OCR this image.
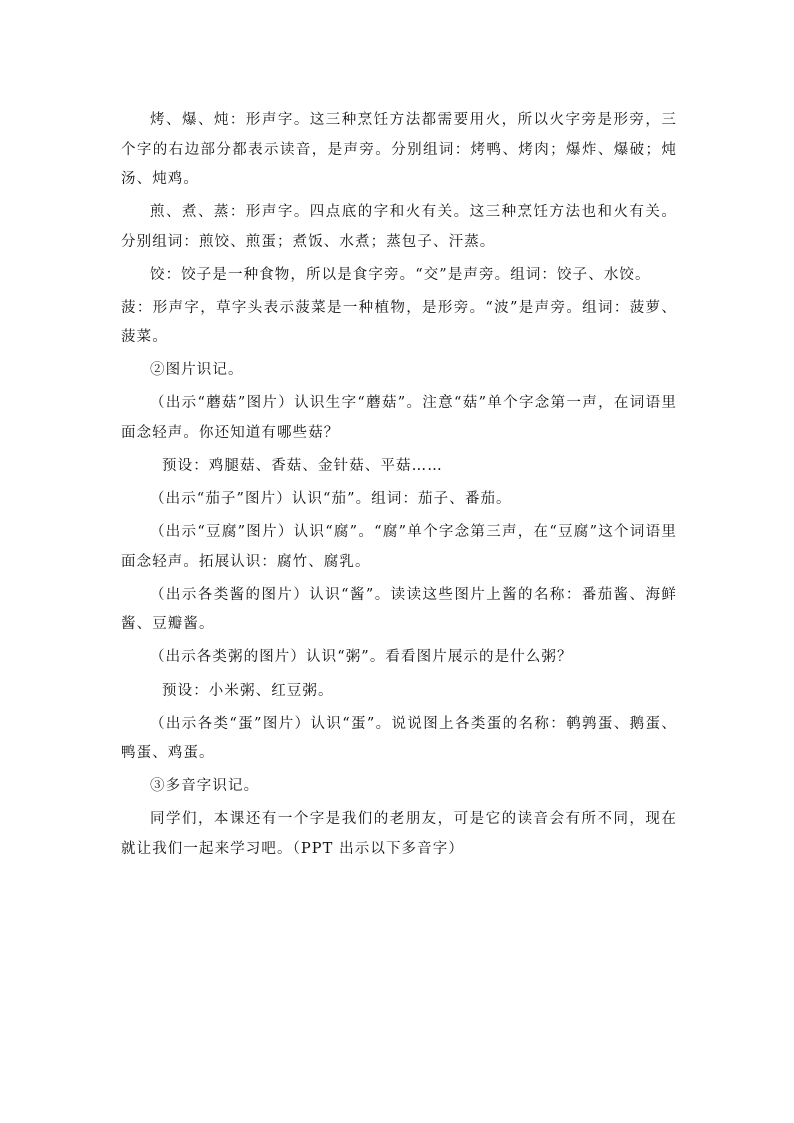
烤、爆、炖：形声字。这三种烹饪方法都需要用火，所以火字旁是形旁，三个字的右边部分都表示读音，是声旁。分别组词：烤鸭、烤肉；爆炸、爆破；炖汤、炖鸡。

煎、煮、蒸：形声字。四点底的字和火有关。这三种烹饪方法也和火有关。分别组词：煎饺、煎蛋；煮饭、水煮；蒸包子、汗蒸。

饺：饺子是一种食物，所以是食字旁。“交”是声旁。组词：饺子、水饺。

菠：形声字，草字头表示菠菜是一种植物，是形旁。“波”是声旁。组词：菠萝、菠菜。

②图片识记。

（出示“蘑菇”图片）认识生字“蘑菇”。注意“菇”单个字念第一声，在词语里面念轻声。你还知道有哪些菇？

预设：鸡腿菇、香菇、金针菇、平菇……

（出示“茄子”图片）认识“茄”。组词：茄子、番茄。

（出示“豆腐”图片）认识“腐”。“腐”单个字念第三声，在“豆腐”这个词语里面念轻声。拓展认识：腐竹、腐乳。

（出示各类酱的图片）认识“酱”。读读这些图片上酱的名称：番茄酱、海鲜酱、豆瓣酱。

（出示各类粥的图片）认识“粥”。看看图片展示的是什么粥？

预设：小米粥、红豆粥。

（出示各类“蛋”图片）认识“蛋”。说说图上各类蛋的名称：鹌鹑蛋、鹅蛋、鸭蛋、鸡蛋。

③多音字识记。

同学们，本课还有一个字是我们的老朋友，可是它的读音会有所不同，现在就让我们一起来学习吧。（PPT 出示以下多音字）
